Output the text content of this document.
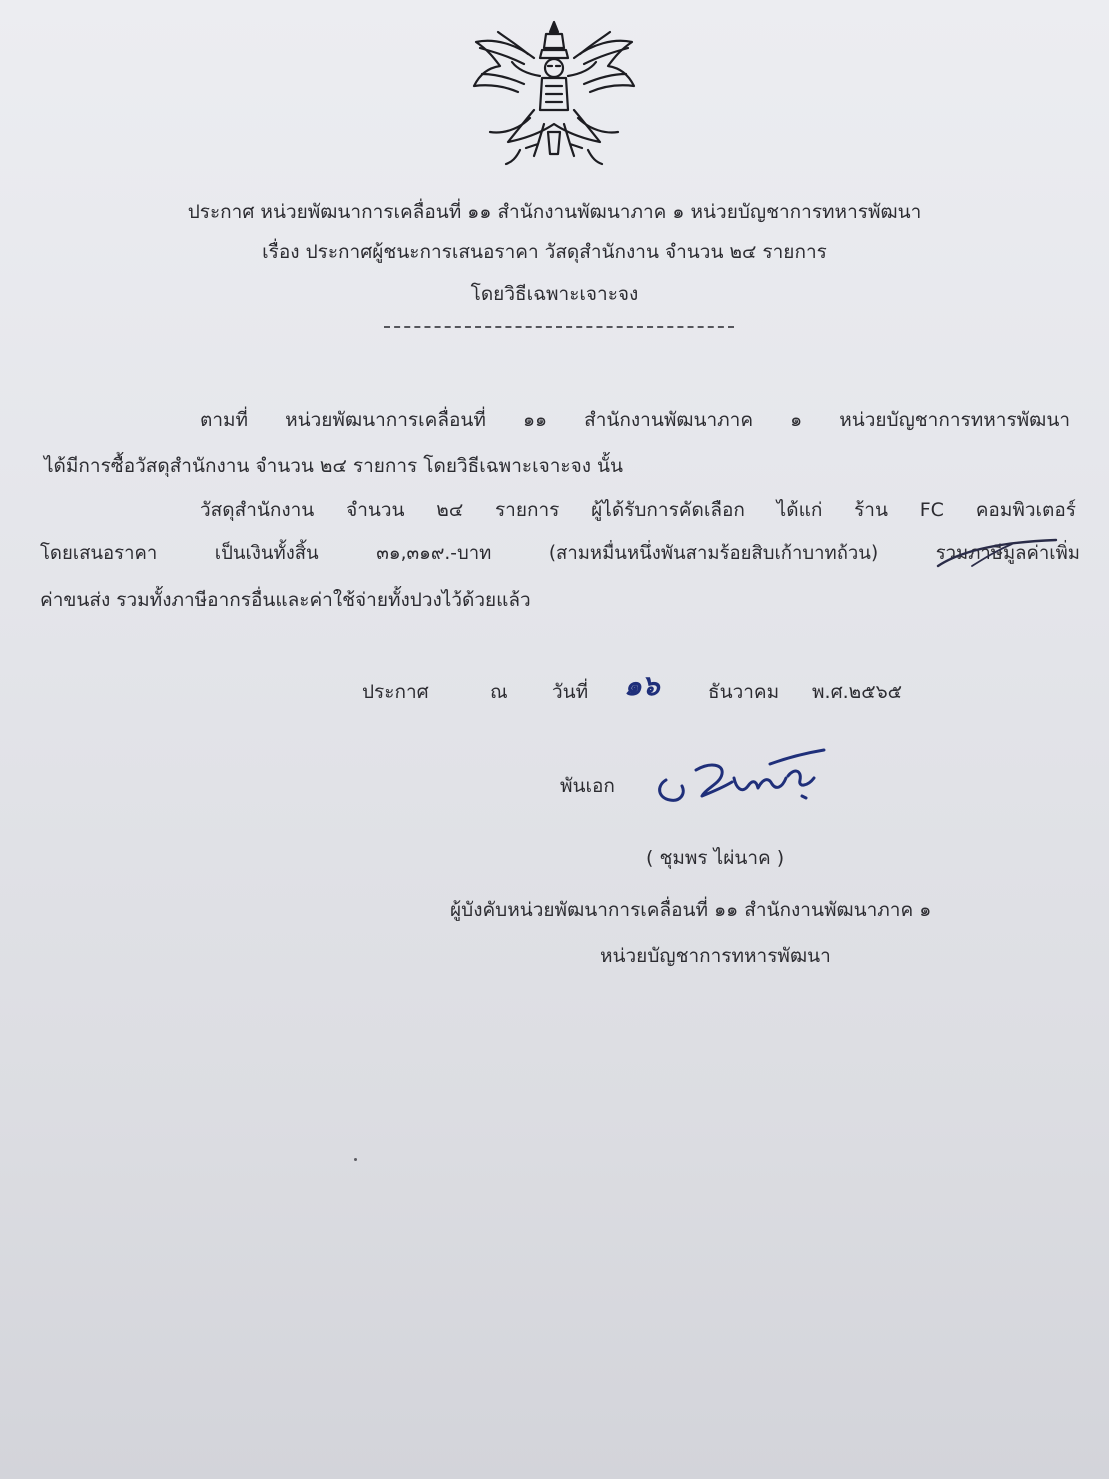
ประกาศ หน่วยพัฒนาการเคลื่อนที่ ๑๑ สำนักงานพัฒนาภาค ๑ หน่วยบัญชาการทหารพัฒนา
เรื่อง ประกาศผู้ชนะการเสนอราคา วัสดุสำนักงาน จำนวน ๒๔ รายการ
โดยวิธีเฉพาะเจาะจง
ตามที่ หน่วยพัฒนาการเคลื่อนที่ ๑๑ สำนักงานพัฒนาภาค ๑ หน่วยบัญชาการทหารพัฒนา
ได้มีการซื้อวัสดุสำนักงาน จำนวน ๒๔ รายการ โดยวิธีเฉพาะเจาะจง นั้น
วัสดุสำนักงาน จำนวน ๒๔ รายการ ผู้ได้รับการคัดเลือก ได้แก่ ร้าน FC คอมพิวเตอร์
โดยเสนอราคา เป็นเงินทั้งสิ้น ๓๑,๓๑๙.-บาท (สามหมื่นหนึ่งพันสามร้อยสิบเก้าบาทถ้วน) รวมภาษีมูลค่าเพิ่ม
ค่าขนส่ง รวมทั้งภาษีอากรอื่นและค่าใช้จ่ายทั้งปวงไว้ด้วยแล้ว
ประกาศ	ณ วันที่ ๑๖	ธันวาคม พ.ศ.๒๕๖๕
พันเอก
( ชุมพร ไผ่นาค )
ผู้บังคับหน่วยพัฒนาการเคลื่อนที่ ๑๑ สำนักงานพัฒนาภาค ๑
หน่วยบัญชาการทหารพัฒนา
